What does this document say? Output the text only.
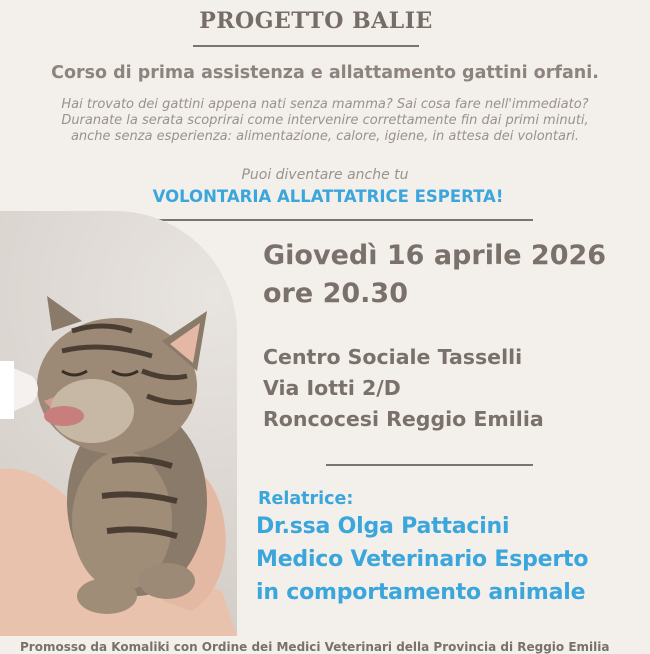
PROGETTO BALIE
Corso di prima assistenza e allattamento gattini orfani.
Hai trovato dei gattini appena nati senza mamma? Sai cosa fare nell'immediato?
Duranate la serata scoprirai come intervenire correttamente fin dai primi minuti,
anche senza esperienza: alimentazione, calore, igiene, in attesa dei volontari.
Puoi diventare anche tu
VOLONTARIA ALLATTATRICE ESPERTA!
Giovedì 16 aprile 2026
ore 20.30
Centro Sociale Tasselli
Via Iotti 2/D
Roncocesi Reggio Emilia
Relatrice:
Dr.ssa Olga Pattacini
Medico Veterinario Esperto
in comportamento animale
Promosso da Komaliki con Ordine dei Medici Veterinari della Provincia di Reggio Emilia
